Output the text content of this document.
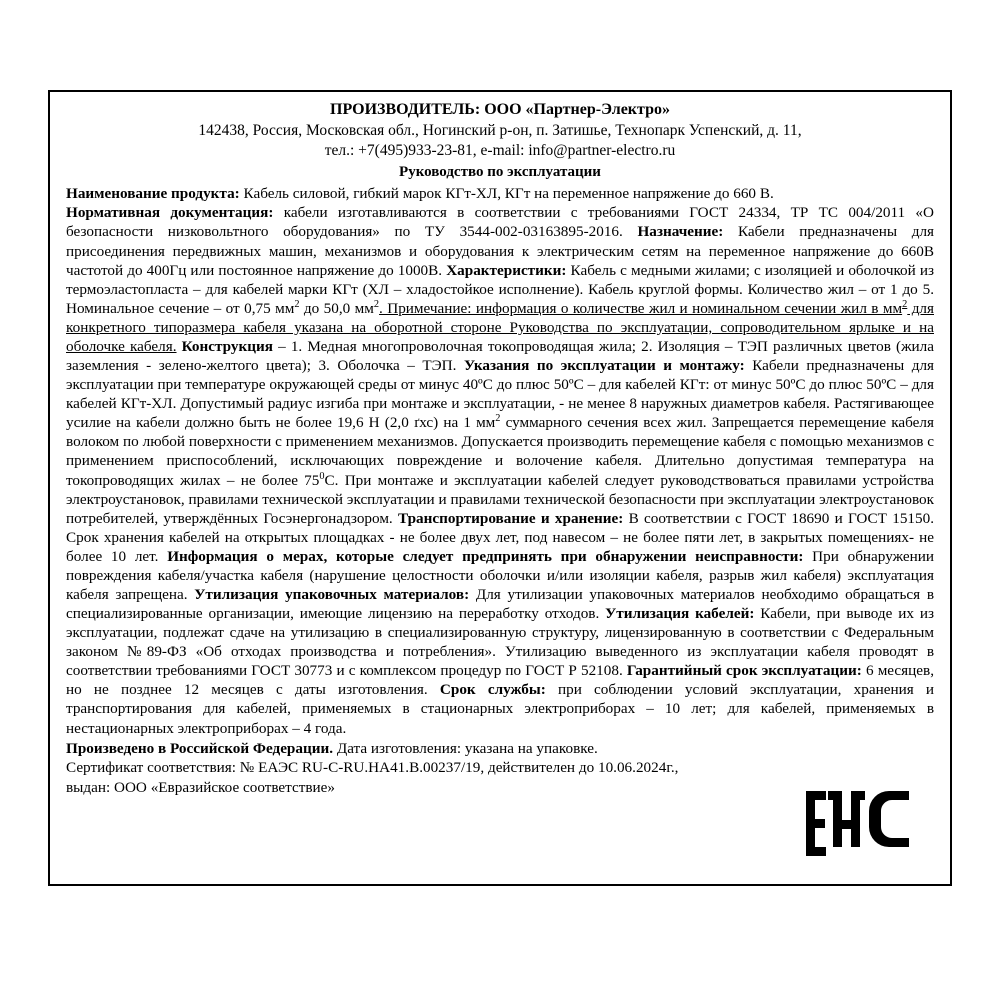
ПРОИЗВОДИТЕЛЬ: ООО «Партнер-Электро»
142438, Россия, Московская обл., Ногинский р-он, п. Затишье, Технопарк Успенский, д. 11,
тел.: +7(495)933-23-81, e-mail: info@partner-electro.ru
Руководство по эксплуатации
Наименование продукта: Кабель силовой, гибкий марок КГт-ХЛ, КГт на переменное напряжение до 660 В.
Нормативная документация: кабели изготавливаются в соответствии с требованиями ГОСТ 24334, ТР ТС 004/2011 «О безопасности низковольтного оборудования» по ТУ 3544-002-03163895-2016. Назначение: Кабели предназначены для присоединения передвижных машин, механизмов и оборудования к электрическим сетям на переменное напряжение до 660В частотой до 400Гц или постоянное напряжение до 1000В. Характеристики: Кабель с медными жилами; с изоляцией и оболочкой из термоэластопласта – для кабелей марки КГт (ХЛ – хладостойкое исполнение). Кабель круглой формы. Количество жил – от 1 до 5. Номинальное сечение – от 0,75 $мм^2$ до 50,0 $мм^2$. Примечание: информация о количестве жил и номинальном сечении жил в $мм^2$ для конкретного типоразмера кабеля указана на оборотной стороне Руководства по эксплуатации, сопроводительном ярлыке и на оболочке кабеля. Конструкция – 1. Медная многопроволочная токопроводящая жила; 2. Изоляция – ТЭП различных цветов (жила заземления - зелено-желтого цвета); 3. Оболочка – ТЭП. Указания по эксплуатации и монтажу: Кабели предназначены для эксплуатации при температуре окружающей среды от минус 40ºС до плюс 50ºС – для кабелей КГт: от минус 50ºС до плюс 50ºС – для кабелей КГт-ХЛ. Допустимый радиус изгиба при монтаже и эксплуатации, - не менее 8 наружных диаметров кабеля. Растягивающее усилие на кабели должно быть не более 19,6 Н (2,0 ґхс) на 1 $мм^2$ суммарного сечения всех жил. Запрещается перемещение кабеля волоком по любой поверхности с применением механизмов. Допускается производить перемещение кабеля с помощью механизмов с применением приспособлений, исключающих повреждение и волочение кабеля. Длительно допустимая температура на токопроводящих жилах – не более $75^0С$. При монтаже и эксплуатации кабелей следует руководствоваться правилами устройства электроустановок, правилами технической эксплуатации и правилами технической безопасности при эксплуатации электроустановок потребителей, утверждённых Госэнергонадзором. Транспортирование и хранение: В соответствии с ГОСТ 18690 и ГОСТ 15150. Срок хранения кабелей на открытых площадках - не более двух лет, под навесом – не более пяти лет, в закрытых помещениях- не более 10 лет. Информация о мерах, которые следует предпринять при обнаружении неисправности: При обнаружении повреждения кабеля/участка кабеля (нарушение целостности оболочки и/или изоляции кабеля, разрыв жил кабеля) эксплуатация кабеля запрещена. Утилизация упаковочных материалов: Для утилизации упаковочных материалов необходимо обращаться в специализированные организации, имеющие лицензию на переработку отходов. Утилизация кабелей: Кабели, при выводе их из эксплуатации, подлежат сдаче на утилизацию в специализированную структуру, лицензированную в соответствии с Федеральным законом №89-ФЗ «Об отходах производства и потребления». Утилизацию выведенного из эксплуатации кабеля проводят в соответствии требованиями ГОСТ 30773 и с комплексом процедур по ГОСТ Р 52108. Гарантийный срок эксплуатации: 6 месяцев, но не позднее 12 месяцев с даты изготовления. Срок службы: при соблюдении условий эксплуатации, хранения и транспортирования для кабелей, применяемых в стационарных электроприборах – 10 лет; для кабелей, применяемых в нестационарных электроприборах – 4 года.
Произведено в Российской Федерации. Дата изготовления: указана на упаковке.
Сертификат соответствия: № ЕАЭС RU-C-RU.НА41.В.00237/19, действителен до 10.06.2024г.,
выдан: ООО «Евразийское соответствие»
